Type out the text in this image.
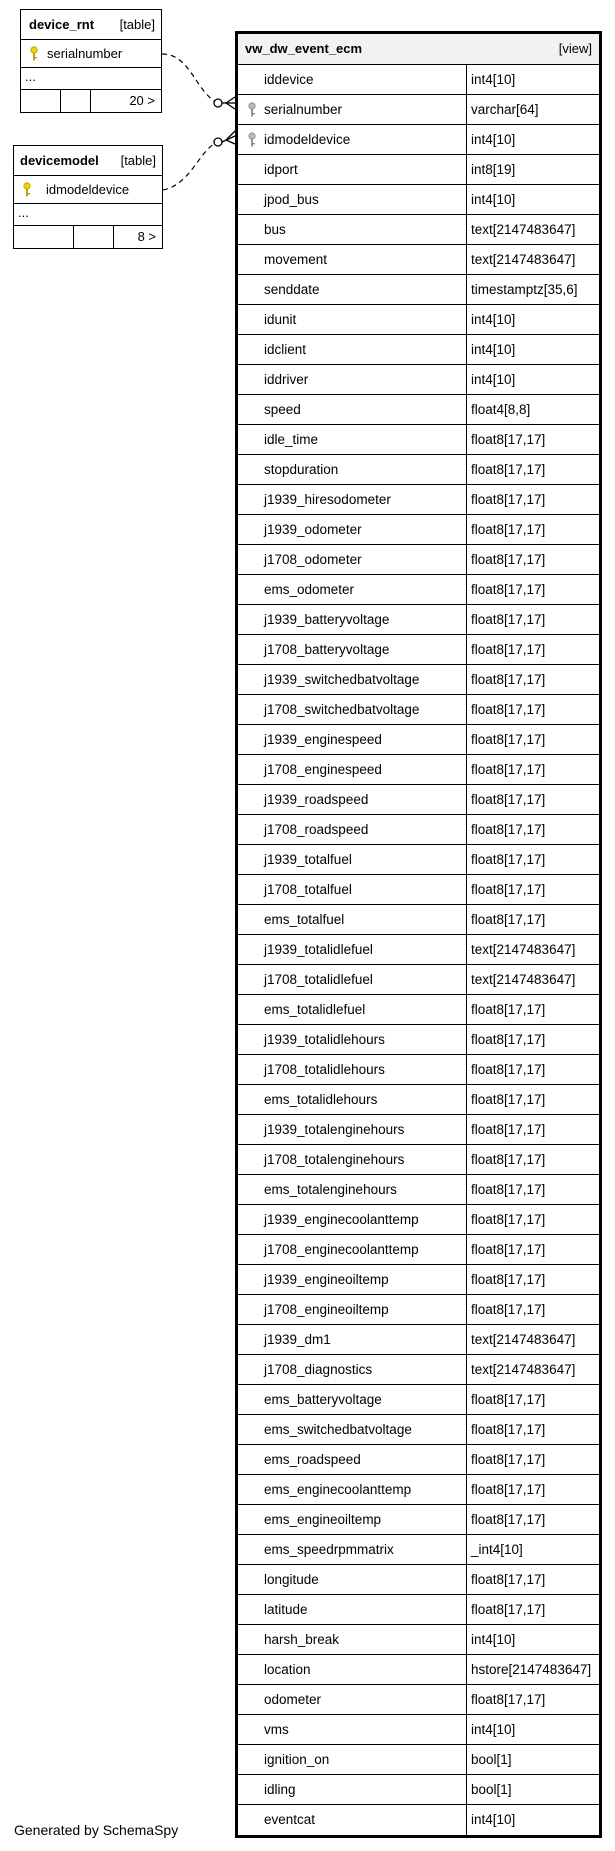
device_rnt [table]
serialnumber
...
20 >
devicemodel [table]
idmodeldevice
...
8 >
vw_dw_event_ecm	[view]
iddevice	int4[10]
serialnumber	varchar[64]
idmodeldevice	int4[10]
idport	int8[19]
jpod_bus	int4[10]
bus	text[2147483647]
movement	text[2147483647]
senddate	timestamptz[35,6]
idunit	int4[10]
idclient	int4[10]
iddriver	int4[10]
speed	float4[8,8]
idle_time	float8[17,17]
stopduration	float8[17,17]
j1939_hiresodometer	float8[17,17]
j1939_odometer	float8[17,17]
j1708_odometer	float8[17,17]
ems_odometer	float8[17,17]
j1939_batteryvoltage	float8[17,17]
j1708_batteryvoltage	float8[17,17]
j1939_switchedbatvoltage	float8[17,17]
j1708_switchedbatvoltage	float8[17,17]
j1939_enginespeed	float8[17,17]
j1708_enginespeed	float8[17,17]
j1939_roadspeed	float8[17,17]
j1708_roadspeed	float8[17,17]
j1939_totalfuel	float8[17,17]
j1708_totalfuel	float8[17,17]
ems_totalfuel	float8[17,17]
j1939_totalidlefuel	text[2147483647]
j1708_totalidlefuel	text[2147483647]
ems_totalidlefuel	float8[17,17]
j1939_totalidlehours	float8[17,17]
j1708_totalidlehours	float8[17,17]
ems_totalidlehours	float8[17,17]
j1939_totalenginehours	float8[17,17]
j1708_totalenginehours	float8[17,17]
ems_totalenginehours	float8[17,17]
j1939_enginecoolanttemp	float8[17,17]
j1708_enginecoolanttemp	float8[17,17]
j1939_engineoiltemp	float8[17,17]
j1708_engineoiltemp	float8[17,17]
j1939_dm1	text[2147483647]
j1708_diagnostics	text[2147483647]
ems_batteryvoltage	float8[17,17]
ems_switchedbatvoltage	float8[17,17]
ems_roadspeed	float8[17,17]
ems_enginecoolanttemp	float8[17,17]
ems_engineoiltemp	float8[17,17]
ems_speedrpmmatrix	_int4[10]
longitude	float8[17,17]
latitude	float8[17,17]
harsh_break	int4[10]
location	hstore[2147483647]
odometer	float8[17,17]
vms	int4[10]
ignition_on	bool[1]
idling	bool[1]
eventcat	int4[10]
Generated by SchemaSpy
